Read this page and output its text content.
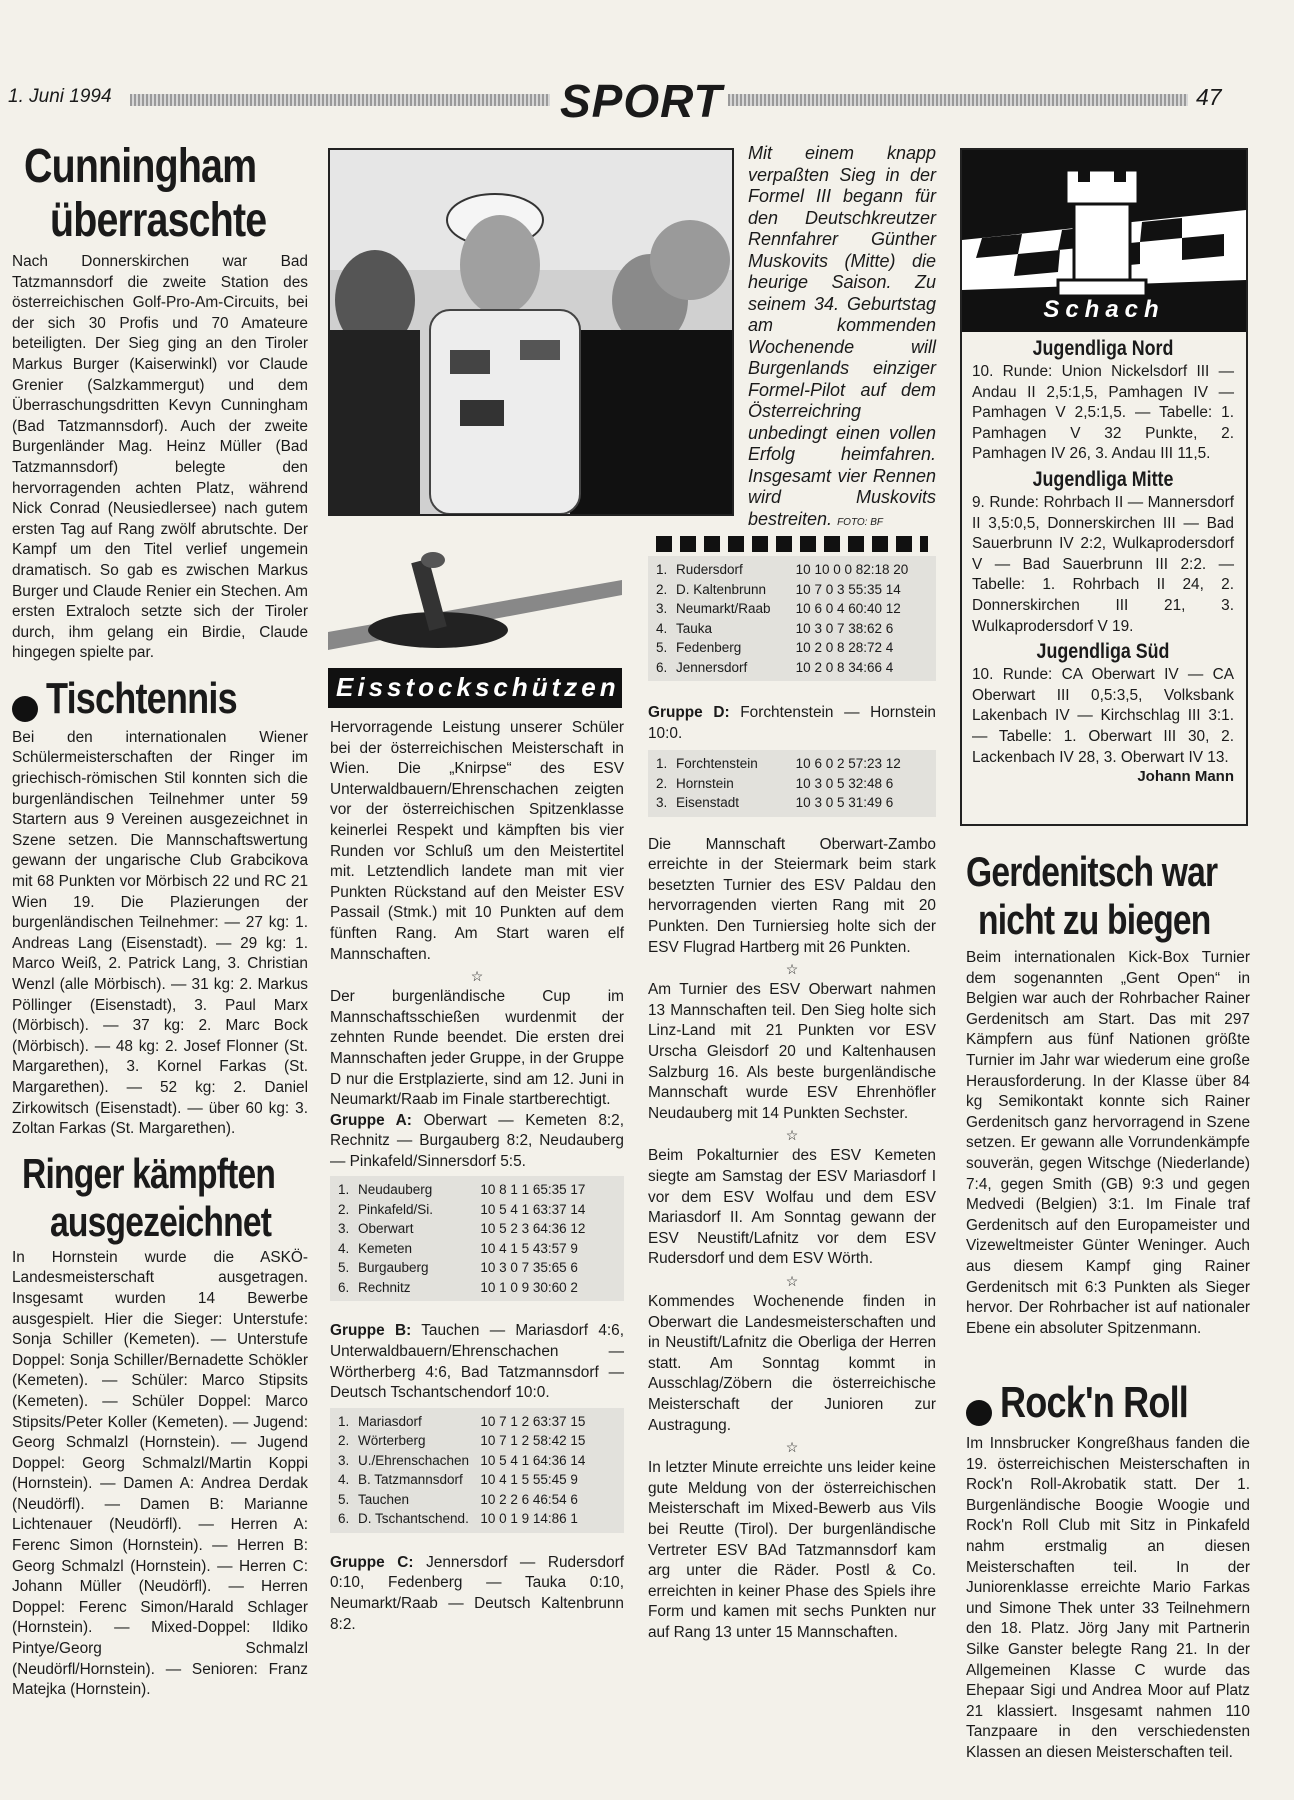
1. Juni 1994	SPORT	47
Cunningham
überraschte

Nach Donnerskirchen war Bad Tatzmannsdorf die zweite Station des österreichischen Golf-Pro-Am-Circuits, bei der sich 30 Profis und 70 Amateure beteiligten. Der Sieg ging an den Tiroler Markus Burger (Kaiserwinkl) vor Claude Grenier (Salzkammergut) und dem Überraschungsdritten Kevyn Cunningham (Bad Tatzmannsdorf). Auch der zweite Burgenländer Mag. Heinz Müller (Bad Tatzmannsdorf) belegte den hervorragenden achten Platz, während Nick Conrad (Neusiedlersee) nach gutem ersten Tag auf Rang zwölf abrutschte. Der Kampf um den Titel verlief ungemein dramatisch. So gab es zwischen Markus Burger und Claude Renier ein Stechen. Am ersten Extraloch setzte sich der Tiroler durch, ihm gelang ein Birdie, Claude hingegen spielte par.

Tischtennis

Bei den internationalen Wiener Schülermeisterschaften der Ringer im griechisch-römischen Stil konnten sich die burgenländischen Teilnehmer unter 59 Startern aus 9 Vereinen ausgezeichnet in Szene setzen. Die Mannschaftswertung gewann der ungarische Club Grabcikova mit 68 Punkten vor Mörbisch 22 und RC 21 Wien 19. Die Plazierungen der burgenländischen Teilnehmer: — 27 kg: 1. Andreas Lang (Eisenstadt). — 29 kg: 1. Marco Weiß, 2. Patrick Lang, 3. Christian Wenzl (alle Mörbisch). — 31 kg: 2. Markus Pöllinger (Eisenstadt), 3. Paul Marx (Mörbisch). — 37 kg: 2. Marc Bock (Mörbisch). — 48 kg: 2. Josef Flonner (St. Margarethen), 3. Kornel Farkas (St. Margarethen). — 52 kg: 2. Daniel Zirkowitsch (Eisenstadt). — über 60 kg: 3. Zoltan Farkas (St. Margarethen).

Ringer kämpften
ausgezeichnet

In Hornstein wurde die ASKÖ-Landesmeisterschaft ausgetragen. Insgesamt wurden 14 Bewerbe ausgespielt. Hier die Sieger: Unterstufe: Sonja Schiller (Kemeten). — Unterstufe Doppel: Sonja Schiller/Bernadette Schökler (Kemeten). — Schüler: Marco Stipsits (Kemeten). — Schüler Doppel: Marco Stipsits/Peter Koller (Kemeten). — Jugend: Georg Schmalzl (Hornstein). — Jugend Doppel: Georg Schmalzl/Martin Koppi (Hornstein). — Damen A: Andrea Derdak (Neudörfl). — Damen B: Marianne Lichtenauer (Neudörfl). — Herren A: Ferenc Simon (Hornstein). — Herren B: Georg Schmalzl (Hornstein). — Herren C: Johann Müller (Neudörfl). — Herren Doppel: Ferenc Simon/Harald Schlager (Hornstein). — Mixed-Doppel: Ildiko Pintye/Georg Schmalzl (Neudörfl/Hornstein). — Senioren: Franz Matejka (Hornstein).

Mit einem knapp verpaßten Sieg in der Formel III begann für den Deutschkreutzer Rennfahrer Günther Muskovits (Mitte) die heurige Saison. Zu seinem 34. Geburtstag am kommenden Wochenende will Burgenlands einziger Formel-Pilot auf dem Österreichring unbedingt einen vollen Erfolg heimfahren. Insgesamt vier Rennen wird Muskovits bestreiten. FOTO: BF
Eisstockschützen

Hervorragende Leistung unserer Schüler bei der österreichischen Meisterschaft in Wien. Die „Knirpse“ des ESV Unterwaldbauern/Ehrenschachen zeigten vor der österreichischen Spitzenklasse keinerlei Respekt und kämpften bis vier Runden vor Schluß um den Meistertitel mit. Letztendlich landete man mit vier Punkten Rückstand auf den Meister ESV Passail (Stmk.) mit 10 Punkten auf dem fünften Rang. Am Start waren elf Mannschaften.

☆

Der burgenländische Cup im Mannschaftsschießen wurdenmit der zehnten Runde beendet. Die ersten drei Mannschaften jeder Gruppe, in der Gruppe D nur die Erstplazierte, sind am 12. Juni in Neumarkt/Raab im Finale startberechtigt.

Gruppe A: Oberwart — Kemeten 8:2, Rechnitz — Burgauberg 8:2, Neudauberg — Pinkafeld/Sinnersdorf 5:5.

1.	Neudauberg	10 8 1 1 65:35 17
2.	Pinkafeld/Si.	10 5 4 1 63:37 14
3.	Oberwart	10 5 2 3 64:36 12
4.	Kemeten	10 4 1 5 43:57 9
5.	Burgauberg	10 3 0 7 35:65 6
6.	Rechnitz	10 1 0 9 30:60 2

Gruppe B: Tauchen — Mariasdorf 4:6, Unterwaldbauern/Ehrenschachen — Wörtherberg 4:6, Bad Tatzmannsdorf — Deutsch Tschantschendorf 10:0.

1.	Mariasdorf	10 7 1 2 63:37 15
2.	Wörterberg	10 7 1 2 58:42 15
3.	U./Ehrenschachen	10 5 4 1 64:36 14
4.	B. Tatzmannsdorf	10 4 1 5 55:45 9
5.	Tauchen	10 2 2 6 46:54 6
6.	D. Tschantschend.	10 0 1 9 14:86 1

Gruppe C: Jennersdorf — Rudersdorf 0:10, Fedenberg — Tauka 0:10, Neumarkt/Raab — Deutsch Kaltenbrunn 8:2.

1.	Rudersdorf	10 10 0 0 82:18 20
2.	D. Kaltenbrunn	10 7 0 3 55:35 14
3.	Neumarkt/Raab	10 6 0 4 60:40 12
4.	Tauka	10 3 0 7 38:62 6
5.	Fedenberg	10 2 0 8 28:72 4
6.	Jennersdorf	10 2 0 8 34:66 4

Gruppe D: Forchtenstein — Hornstein 10:0.

1.	Forchtenstein	10 6 0 2 57:23 12
2.	Hornstein	10 3 0 5 32:48 6
3.	Eisenstadt	10 3 0 5 31:49 6

Die Mannschaft Oberwart-Zambo erreichte in der Steiermark beim stark besetzten Turnier des ESV Paldau den hervorragenden vierten Rang mit 20 Punkten. Den Turniersieg holte sich der ESV Flugrad Hartberg mit 26 Punkten.

☆

Am Turnier des ESV Oberwart nahmen 13 Mannschaften teil. Den Sieg holte sich Linz-Land mit 21 Punkten vor ESV Urscha Gleisdorf 20 und Kaltenhausen Salzburg 16. Als beste burgenländische Mannschaft wurde ESV Ehrenhöfler Neudauberg mit 14 Punkten Sechster.

☆

Beim Pokalturnier des ESV Kemeten siegte am Samstag der ESV Mariasdorf I vor dem ESV Wolfau und dem ESV Mariasdorf II. Am Sonntag gewann der ESV Neustift/Lafnitz vor dem ESV Rudersdorf und dem ESV Wörth.

☆

Kommendes Wochenende finden in Oberwart die Landesmeisterschaften und in Neustift/Lafnitz die Oberliga der Herren statt. Am Sonntag kommt in Ausschlag/Zöbern die österreichische Meisterschaft der Junioren zur Austragung.

☆

In letzter Minute erreichte uns leider keine gute Meldung von der österreichischen Meisterschaft im Mixed-Bewerb aus Vils bei Reutte (Tirol). Der burgenländische Vertreter ESV BAd Tatzmannsdorf kam arg unter die Räder. Postl & Co. erreichten in keiner Phase des Spiels ihre Form und kamen mit sechs Punkten nur auf Rang 13 unter 15 Mannschaften.

Schach
Jugendliga Nord

10. Runde: Union Nickelsdorf III — Andau II 2,5:1,5, Pamhagen IV — Pamhagen V 2,5:1,5. — Tabelle: 1. Pamhagen V 32 Punkte, 2. Pamhagen IV 26, 3. Andau III 11,5.

Jugendliga Mitte

9. Runde: Rohrbach II — Mannersdorf II 3,5:0,5, Donnerskirchen III — Bad Sauerbrunn IV 2:2, Wulkaprodersdorf V — Bad Sauerbrunn III 2:2. — Tabelle: 1. Rohrbach II 24, 2. Donnerskirchen III 21, 3. Wulkaprodersdorf V 19.

Jugendliga Süd

10. Runde: CA Oberwart IV — CA Oberwart III 0,5:3,5, Volksbank Lakenbach IV — Kirchschlag III 3:1. — Tabelle: 1. Oberwart III 30, 2. Lackenbach IV 28, 3. Oberwart IV 13.

Johann Mann
Gerdenitsch war
nicht zu biegen

Beim internationalen Kick-Box Turnier dem sogenannten „Gent Open“ in Belgien war auch der Rohrbacher Rainer Gerdenitsch am Start. Das mit 297 Kämpfern aus fünf Nationen größte Turnier im Jahr war wiederum eine große Herausforderung. In der Klasse über 84 kg Semikontakt konnte sich Rainer Gerdenitsch ganz hervorragend in Szene setzen. Er gewann alle Vorrundenkämpfe souverän, gegen Witschge (Niederlande) 7:4, gegen Smith (GB) 9:3 und gegen Medvedi (Belgien) 3:1. Im Finale traf Gerdenitsch auf den Europameister und Vizeweltmeister Günter Weninger. Auch aus diesem Kampf ging Rainer Gerdenitsch mit 6:3 Punkten als Sieger hervor. Der Rohrbacher ist auf nationaler Ebene ein absoluter Spitzenmann.

Rock'n Roll

Im Innsbrucker Kongreßhaus fanden die 19. österreichischen Meisterschaften in Rock'n Roll-Akrobatik statt. Der 1. Burgenländische Boogie Woogie und Rock'n Roll Club mit Sitz in Pinkafeld nahm erstmalig an diesen Meisterschaften teil. In der Juniorenklasse erreichte Mario Farkas und Simone Thek unter 33 Teilnehmern den 18. Platz. Jörg Jany mit Partnerin Silke Ganster belegte Rang 21. In der Allgemeinen Klasse C wurde das Ehepaar Sigi und Andrea Moor auf Platz 21 klassiert. Insgesamt nahmen 110 Tanzpaare in den verschiedensten Klassen an diesen Meisterschaften teil.
